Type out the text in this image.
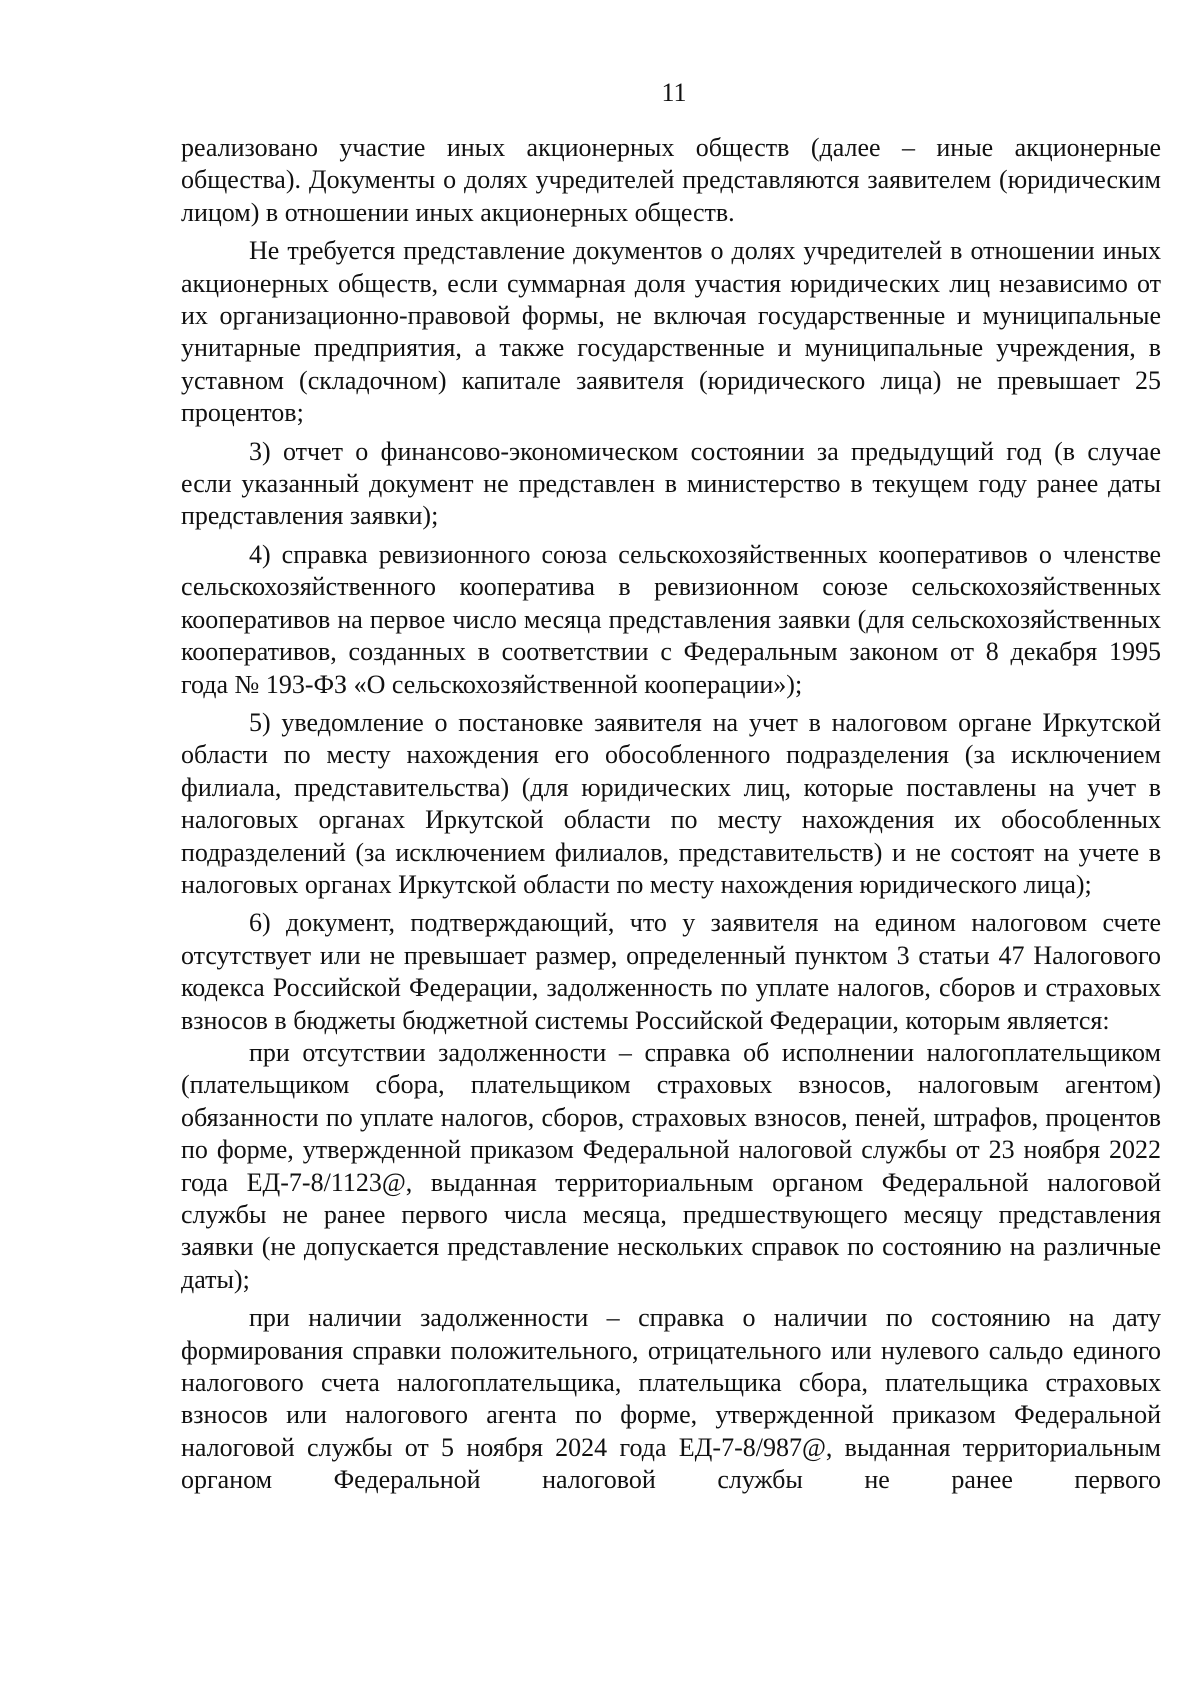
11

реализовано участие иных акционерных обществ (далее – иные акционерные общества). Документы о долях учредителей представляются заявителем (юридическим лицом) в отношении иных акционерных обществ.

Не требуется представление документов о долях учредителей в отношении иных акционерных обществ, если суммарная доля участия юридических лиц независимо от их организационно-правовой формы, не включая государственные и муниципальные унитарные предприятия, а также государственные и муниципальные учреждения, в уставном (складочном) капитале заявителя (юридического лица) не превышает 25 процентов;

3) отчет о финансово-экономическом состоянии за предыдущий год (в случае если указанный документ не представлен в министерство в текущем году ранее даты представления заявки);

4) справка ревизионного союза сельскохозяйственных кооперативов о членстве сельскохозяйственного кооператива в ревизионном союзе сельскохозяйственных кооперативов на первое число месяца представления заявки (для сельскохозяйственных кооперативов, созданных в соответствии с Федеральным законом от 8 декабря 1995 года № 193-ФЗ «О сельскохозяйственной кооперации»);

5) уведомление о постановке заявителя на учет в налоговом органе Иркутской области по месту нахождения его обособленного подразделения (за исключением филиала, представительства) (для юридических лиц, которые поставлены на учет в налоговых органах Иркутской области по месту нахождения их обособленных подразделений (за исключением филиалов, представительств) и не состоят на учете в налоговых органах Иркутской области по месту нахождения юридического лица);

6) документ, подтверждающий, что у заявителя на едином налоговом счете отсутствует или не превышает размер, определенный пунктом 3 статьи 47 Налогового кодекса Российской Федерации, задолженность по уплате налогов, сборов и страховых взносов в бюджеты бюджетной системы Российской Федерации, которым является:

при отсутствии задолженности – справка об исполнении налогоплательщиком (плательщиком сбора, плательщиком страховых взносов, налоговым агентом) обязанности по уплате налогов, сборов, страховых взносов, пеней, штрафов, процентов по форме, утвержденной приказом Федеральной налоговой службы от 23 ноября 2022 года ЕД-7-8/1123@, выданная территориальным органом Федеральной налоговой службы не ранее первого числа месяца, предшествующего месяцу представления заявки (не допускается представление нескольких справок по состоянию на различные даты);

при наличии задолженности – справка о наличии по состоянию на дату формирования справки положительного, отрицательного или нулевого сальдо единого налогового счета налогоплательщика, плательщика сбора, плательщика страховых взносов или налогового агента по форме, утвержденной приказом Федеральной налоговой службы от 5 ноября 2024 года ЕД-7-8/987@, выданная территориальным органом Федеральной налоговой службы не ранее первого
